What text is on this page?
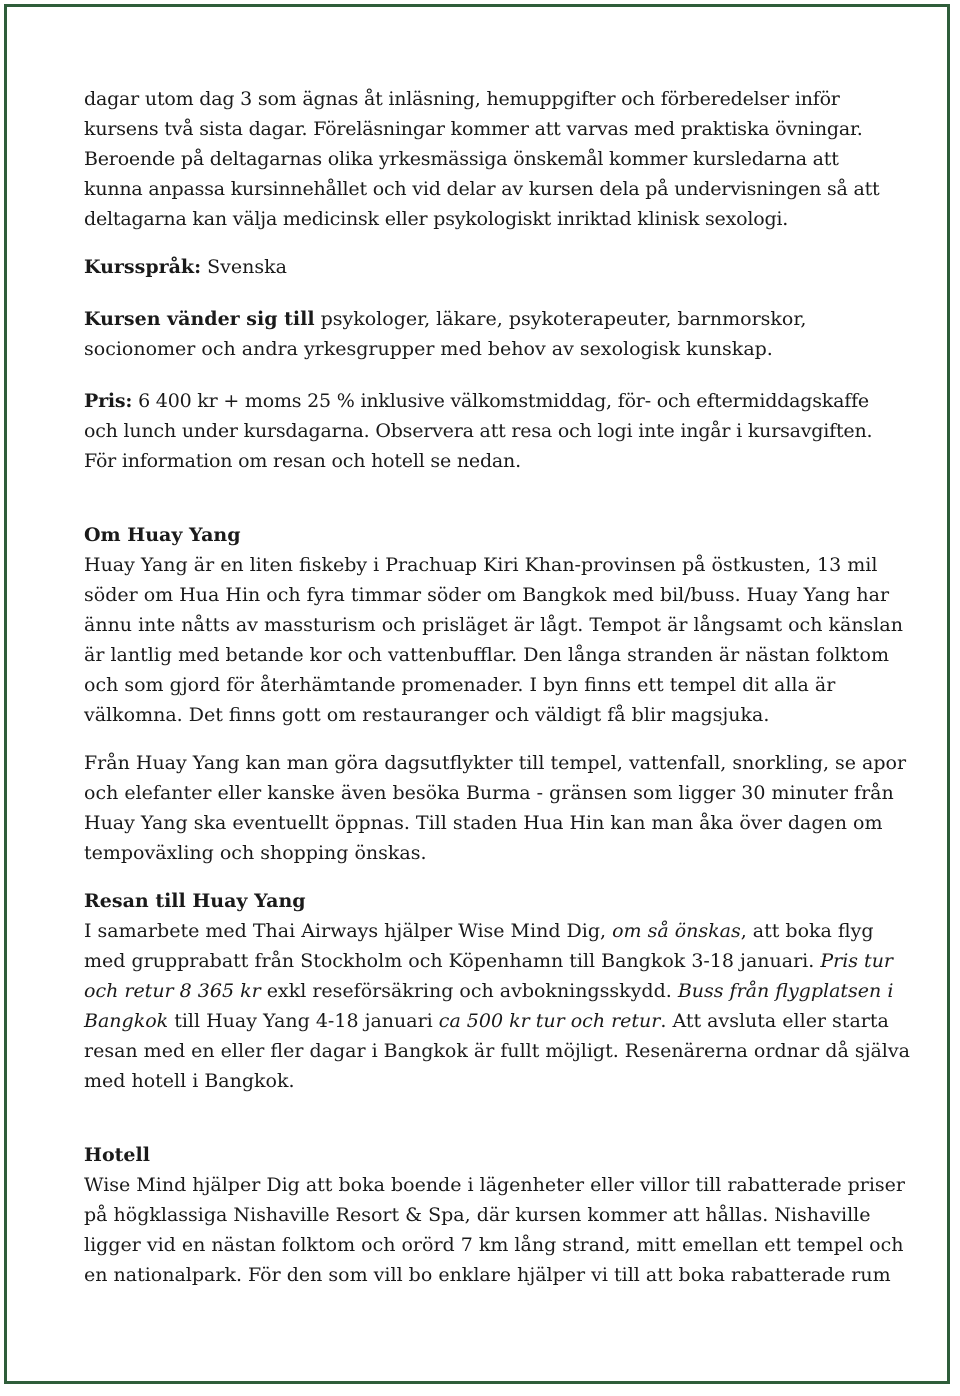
dagar utom dag 3 som ägnas åt inläsning, hemuppgifter och förberedelser inför
kursens två sista dagar. Föreläsningar kommer att varvas med praktiska övningar.
Beroende på deltagarnas olika yrkesmässiga önskemål kommer kursledarna att
kunna anpassa kursinnehållet och vid delar av kursen dela på undervisningen så att
deltagarna kan välja medicinsk eller psykologiskt inriktad klinisk sexologi.
Kursspråk: Svenska
Kursen vänder sig till psykologer, läkare, psykoterapeuter, barnmorskor,
socionomer och andra yrkesgrupper med behov av sexologisk kunskap.
Pris: 6 400 kr + moms 25 % inklusive välkomstmiddag, för- och eftermiddagskaffe
och lunch under kursdagarna. Observera att resa och logi inte ingår i kursavgiften.
För information om resan och hotell se nedan.
Om Huay Yang
Huay Yang är en liten fiskeby i Prachuap Kiri Khan-provinsen på östkusten, 13 mil
söder om Hua Hin och fyra timmar söder om Bangkok med bil/buss. Huay Yang har
ännu inte nåtts av massturism och prisläget är lågt. Tempot är långsamt och känslan
är lantlig med betande kor och vattenbufflar. Den långa stranden är nästan folktom
och som gjord för återhämtande promenader. I byn finns ett tempel dit alla är
välkomna. Det finns gott om restauranger och väldigt få blir magsjuka.
Från Huay Yang kan man göra dagsutflykter till tempel, vattenfall, snorkling, se apor
och elefanter eller kanske även besöka Burma - gränsen som ligger 30 minuter från
Huay Yang ska eventuellt öppnas. Till staden Hua Hin kan man åka över dagen om
tempoväxling och shopping önskas.
Resan till Huay Yang
I samarbete med Thai Airways hjälper Wise Mind Dig, om så önskas, att boka flyg
med grupprabatt från Stockholm och Köpenhamn till Bangkok 3-18 januari. Pris tur
och retur 8 365 kr exkl reseförsäkring och avbokningsskydd. Buss från flygplatsen i
Bangkok till Huay Yang 4-18 januari ca 500 kr tur och retur. Att avsluta eller starta
resan med en eller fler dagar i Bangkok är fullt möjligt. Resenärerna ordnar då själva
med hotell i Bangkok.
Hotell
Wise Mind hjälper Dig att boka boende i lägenheter eller villor till rabatterade priser
på högklassiga Nishaville Resort & Spa, där kursen kommer att hållas. Nishaville
ligger vid en nästan folktom och orörd 7 km lång strand, mitt emellan ett tempel och
en nationalpark. För den som vill bo enklare hjälper vi till att boka rabatterade rum
